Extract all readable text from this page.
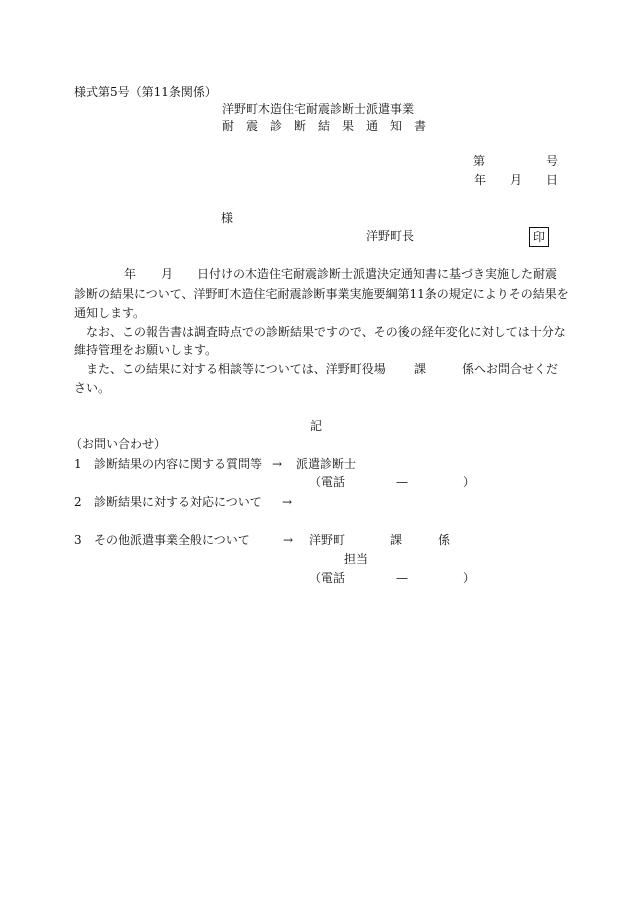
様式第5号（第11条関係）
洋野町木造住宅耐震診断士派遣事業
耐　震　診　断　結　果　通　知　書
第	号
年 月 日
様
洋野町長	印
年 月 日付けの木造住宅耐震診断士派遣決定通知書に基づき実施した耐震
診断の結果について、洋野町木造住宅耐震診断事業実施要綱第11条の規定によりその結果を
通知します。
なお、この報告書は調査時点での診断結果ですので、その後の経年変化に対しては十分な
維持管理をお願いします。
また、この結果に対する相談等については、洋野町役場 課	係へお問合せくだ
さい。
記
（お問い合わせ）
1 診断結果の内容に関する質問等 → 派遣診断士
（電話	—	）
2 診断結果に対する対応について →
3 その他派遣事業全般について	→ 洋野町	課	係
担当
（電話	—	）
